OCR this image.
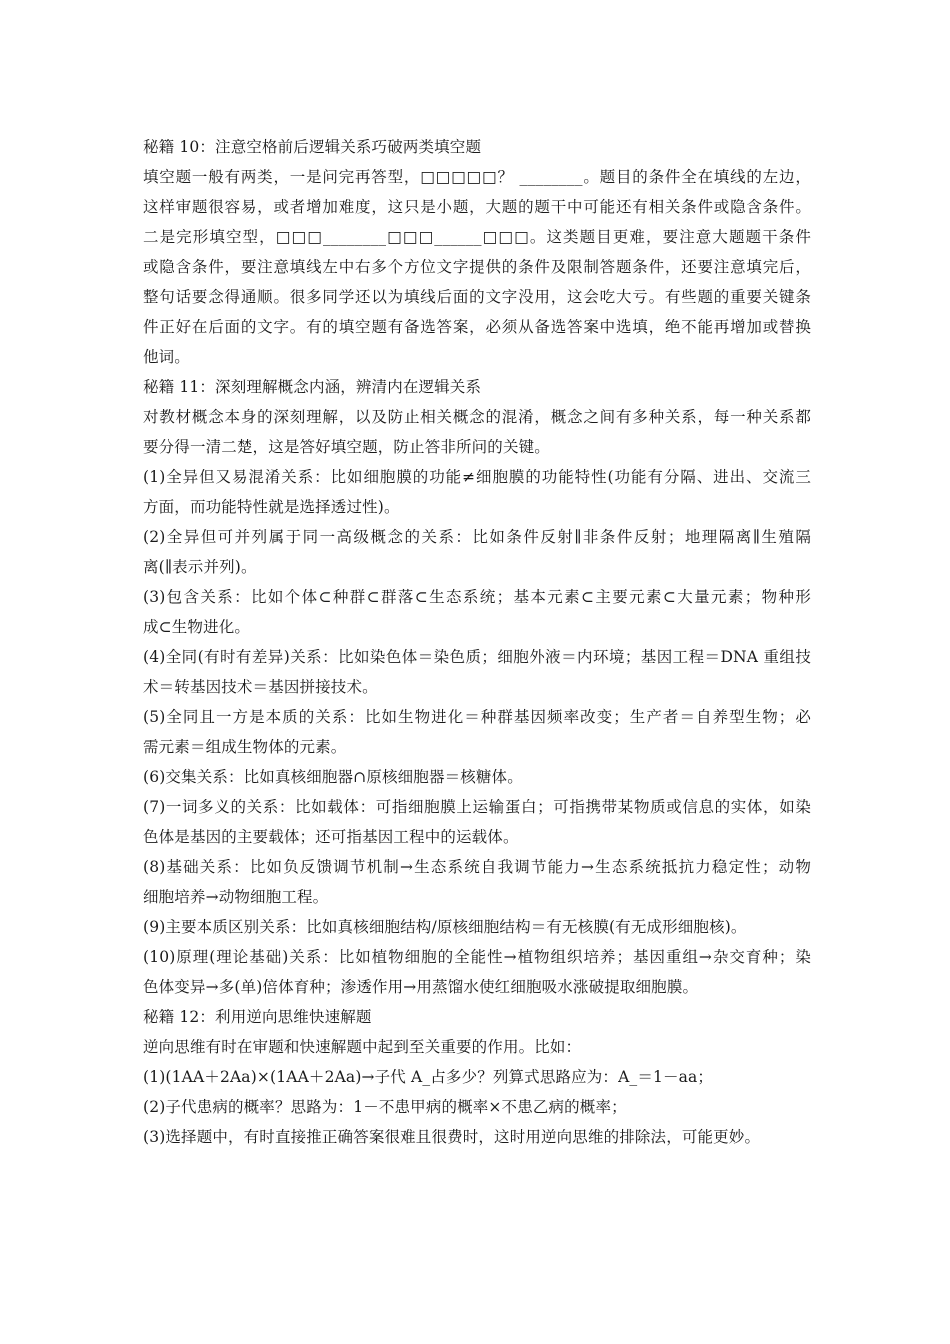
秘籍 10：注意空格前后逻辑关系巧破两类填空题
填空题一般有两类，一是问完再答型，□□□□□？ ________。题目的条件全在填线的左边，
这样审题很容易，或者增加难度，这只是小题，大题的题干中可能还有相关条件或隐含条件。
二是完形填空型，□□□________□□□______□□□。这类题目更难，要注意大题题干条件
或隐含条件，要注意填线左中右多个方位文字提供的条件及限制答题条件，还要注意填完后，
整句话要念得通顺。很多同学还以为填线后面的文字没用，这会吃大亏。有些题的重要关键条
件正好在后面的文字。有的填空题有备选答案，必须从备选答案中选填，绝不能再增加或替换
他词。
秘籍 11：深刻理解概念内涵，辨清内在逻辑关系
对教材概念本身的深刻理解，以及防止相关概念的混淆，概念之间有多种关系，每一种关系都
要分得一清二楚，这是答好填空题，防止答非所问的关键。
(1)全异但又易混淆关系：比如细胞膜的功能≠细胞膜的功能特性(功能有分隔、进出、交流三
方面，而功能特性就是选择透过性)。
(2)全异但可并列属于同一高级概念的关系：比如条件反射∥非条件反射；地理隔离∥生殖隔
离(∥表示并列)。
(3)包含关系：比如个体⊂种群⊂群落⊂生态系统；基本元素⊂主要元素⊂大量元素；物种形
成⊂生物进化。
(4)全同(有时有差异)关系：比如染色体＝染色质；细胞外液＝内环境；基因工程＝DNA 重组技
术＝转基因技术＝基因拼接技术。
(5)全同且一方是本质的关系：比如生物进化＝种群基因频率改变；生产者＝自养型生物；必
需元素＝组成生物体的元素。
(6)交集关系：比如真核细胞器∩原核细胞器＝核糖体。
(7)一词多义的关系：比如载体：可指细胞膜上运输蛋白；可指携带某物质或信息的实体，如染
色体是基因的主要载体；还可指基因工程中的运载体。
(8)基础关系：比如负反馈调节机制→生态系统自我调节能力→生态系统抵抗力稳定性；动物
细胞培养→动物细胞工程。
(9)主要本质区别关系：比如真核细胞结构/原核细胞结构＝有无核膜(有无成形细胞核)。
(10)原理(理论基础)关系：比如植物细胞的全能性→植物组织培养；基因重组→杂交育种；染
色体变异→多(单)倍体育种；渗透作用→用蒸馏水使红细胞吸水涨破提取细胞膜。
秘籍 12：利用逆向思维快速解题
逆向思维有时在审题和快速解题中起到至关重要的作用。比如：
(1)(1AA＋2Aa)×(1AA＋2Aa)→子代 A_占多少？列算式思路应为：A_＝1－aa；
(2)子代患病的概率？思路为：1－不患甲病的概率×不患乙病的概率；
(3)选择题中，有时直接推正确答案很难且很费时，这时用逆向思维的排除法，可能更妙。
